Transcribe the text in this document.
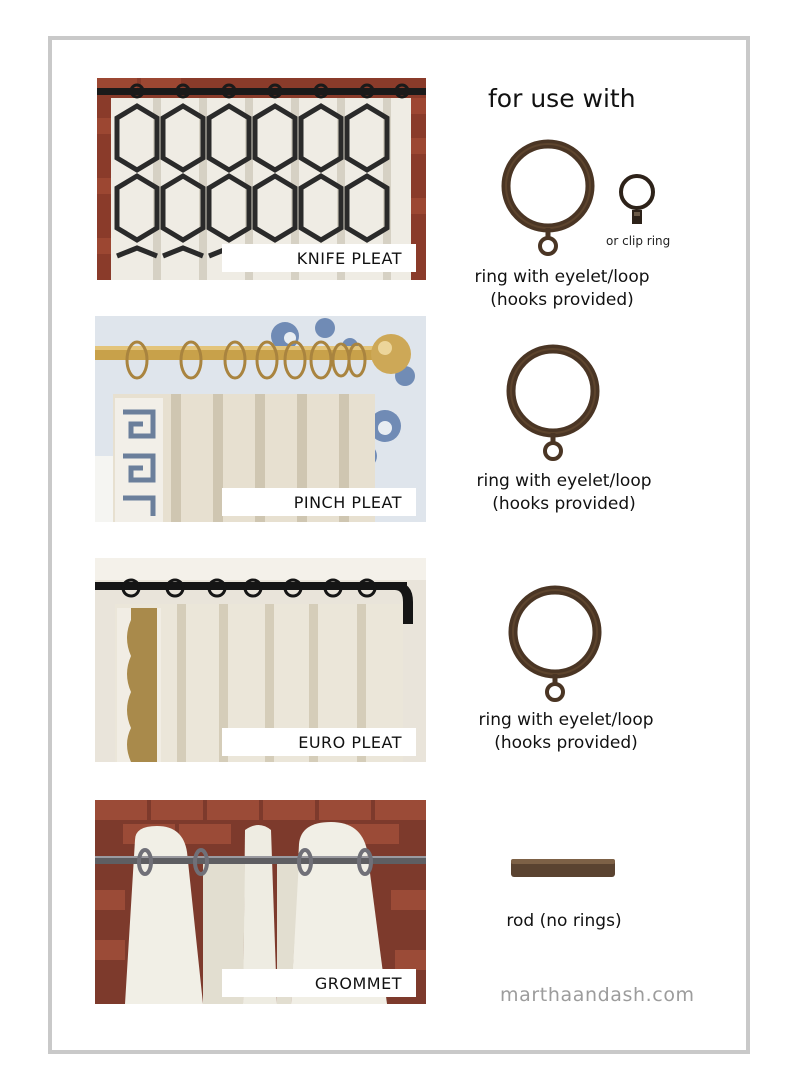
KNIFE PLEAT
PINCH PLEAT
EURO PLEAT
GROMMET
for use with
or clip ring
ring with eyelet/loop
(hooks provided)
ring with eyelet/loop
(hooks provided)
ring with eyelet/loop
(hooks provided)
rod (no rings)
marthaandash.com
